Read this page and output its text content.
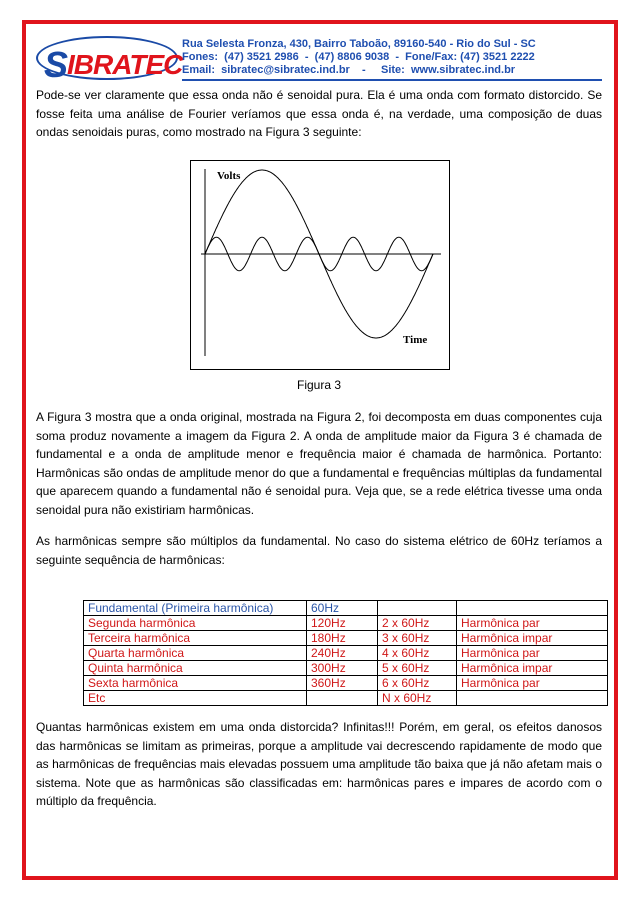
SIBRATEC
Rua Selesta Fronza, 430, Bairro Taboão, 89160-540 - Rio do Sul - SC
Fones:  (47) 3521 2986  -  (47) 8806 9038  -  Fone/Fax: (47) 3521 2222
Email:  sibratec@sibratec.ind.br    -     Site:  www.sibratec.ind.br
Pode-se ver claramente que essa onda não é senoidal pura. Ela é uma onda com formato distorcido. Se fosse feita uma análise de Fourier veríamos que essa onda é, na verdade, uma composição de duas ondas senoidais puras, como mostrado na Figura 3 seguinte:
Volts
Time
Figura 3
A Figura 3 mostra que a onda original, mostrada na Figura 2, foi decomposta em duas componentes cuja soma produz novamente a imagem da Figura 2. A onda de amplitude maior da Figura 3 é chamada de fundamental e a onda de amplitude menor e frequência maior é chamada de harmônica. Portanto: Harmônicas são ondas de amplitude menor do que a fundamental e frequências múltiplas da fundamental que aparecem quando a fundamental não é senoidal pura. Veja que, se a rede elétrica tivesse uma onda senoidal pura não existiriam harmônicas.
As harmônicas sempre são múltiplos da fundamental. No caso do sistema elétrico de 60Hz teríamos a seguinte sequência de harmônicas:
Fundamental (Primeira harmônica)	60Hz		
Segunda harmônica	120Hz	2 x 60Hz	Harmônica par
Terceira harmônica	180Hz	3 x 60Hz	Harmônica impar
Quarta harmônica	240Hz	4 x 60Hz	Harmônica par
Quinta harmônica	300Hz	5 x 60Hz	Harmônica impar
Sexta harmônica	360Hz	6 x 60Hz	Harmônica par
Etc		N x 60Hz	
Quantas harmônicas existem em uma onda distorcida? Infinitas!!! Porém, em geral, os efeitos danosos das harmônicas se limitam as primeiras, porque a amplitude vai decrescendo rapidamente de modo que as harmônicas de frequências mais elevadas possuem uma amplitude tão baixa que já não afetam mais o sistema. Note que as harmônicas são classificadas em: harmônicas pares e impares de acordo com o múltiplo da frequência.
